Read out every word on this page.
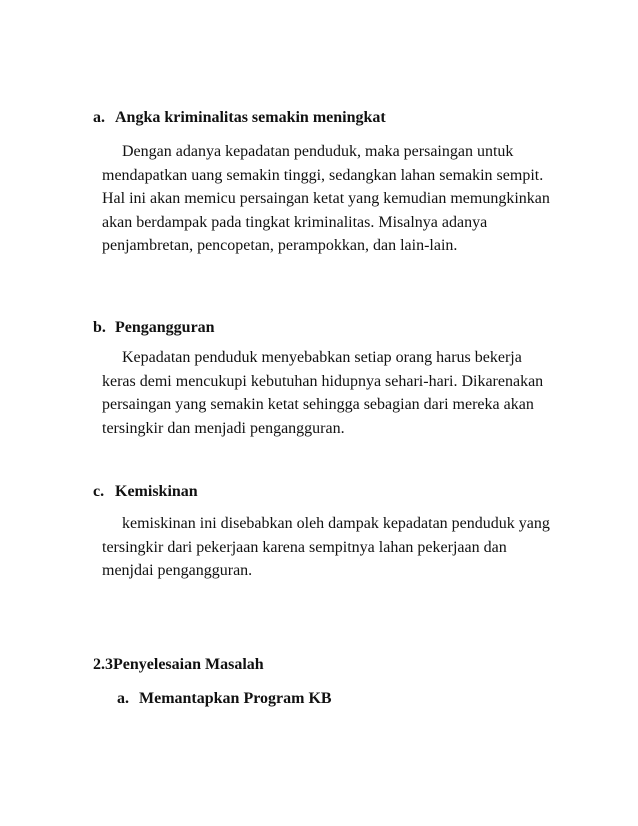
a. Angka kriminalitas semakin meningkat

Dengan adanya kepadatan penduduk, maka persaingan untuk mendapatkan uang semakin tinggi, sedangkan lahan semakin sempit. Hal ini akan memicu persaingan ketat yang kemudian memungkinkan akan berdampak pada tingkat kriminalitas. Misalnya adanya penjambretan, pencopetan, perampokkan, dan lain-lain.

b. Pengangguran

Kepadatan penduduk menyebabkan setiap orang harus bekerja keras demi mencukupi kebutuhan hidupnya sehari-hari. Dikarenakan persaingan yang semakin ketat sehingga sebagian dari mereka akan tersingkir dan menjadi pengangguran.

c. Kemiskinan

kemiskinan ini disebabkan oleh dampak kepadatan penduduk yang tersingkir dari pekerjaan karena sempitnya lahan pekerjaan dan menjdai pengangguran.

2.3Penyelesaian Masalah
a. Memantapkan Program KB
